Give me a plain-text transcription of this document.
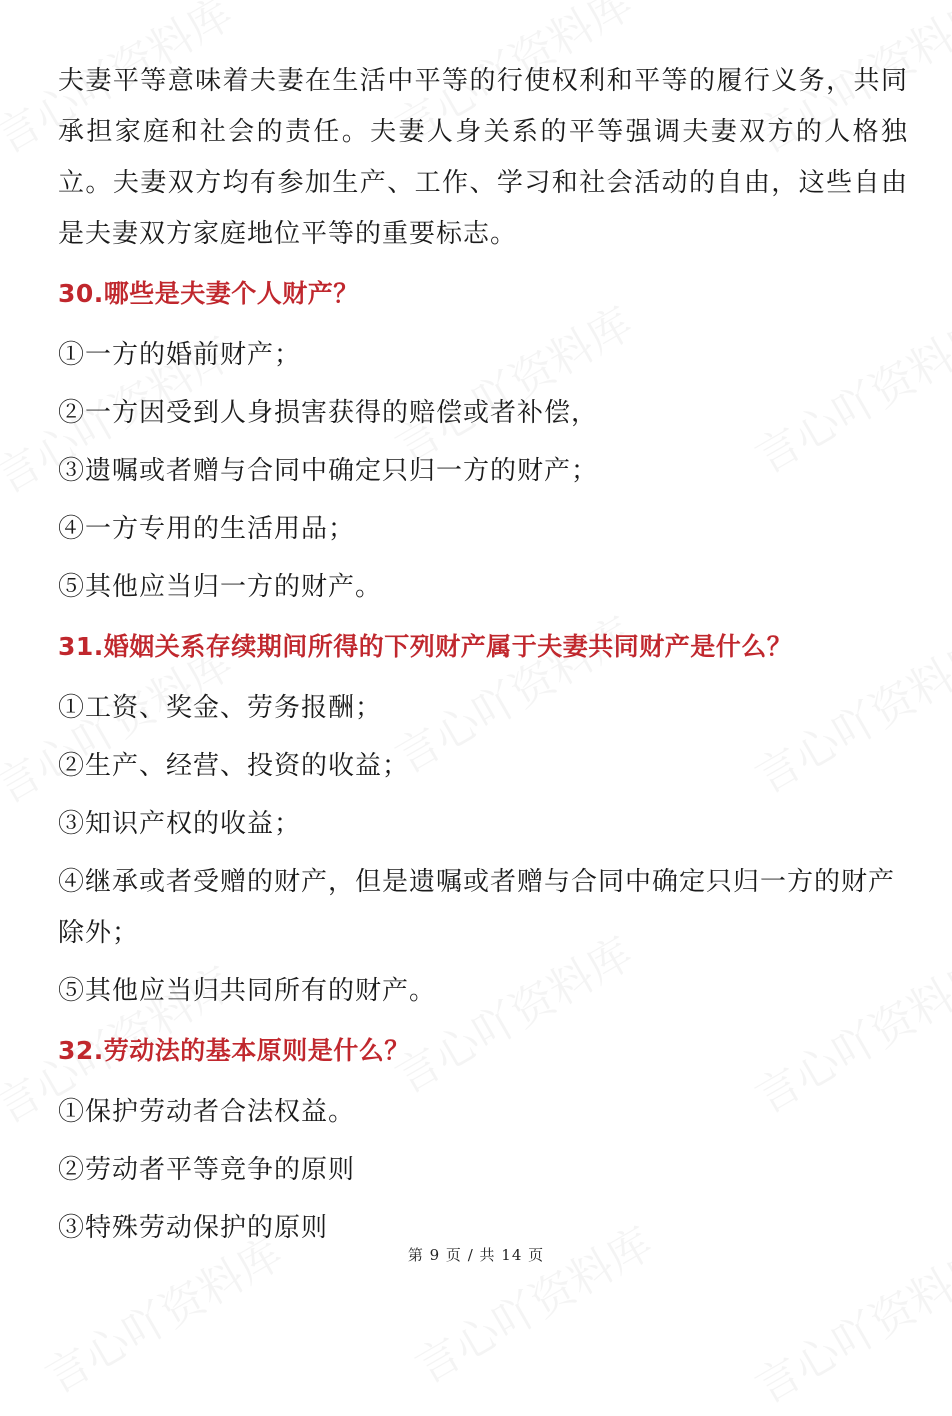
夫妻平等意味着夫妻在生活中平等的行使权利和平等的履行义务，共同承担家庭和社会的责任。夫妻人身关系的平等强调夫妻双方的人格独立。夫妻双方均有参加生产、工作、学习和社会活动的自由，这些自由是夫妻双方家庭地位平等的重要标志。

30.哪些是夫妻个人财产？

①一方的婚前财产；

②一方因受到人身损害获得的赔偿或者补偿，

③遗嘱或者赠与合同中确定只归一方的财产；

④一方专用的生活用品；

⑤其他应当归一方的财产。

31.婚姻关系存续期间所得的下列财产属于夫妻共同财产是什么？

①工资、奖金、劳务报酬；

②生产、经营、投资的收益；

③知识产权的收益；

④继承或者受赠的财产，但是遗嘱或者赠与合同中确定只归一方的财产除外；

⑤其他应当归共同所有的财产。

32.劳动法的基本原则是什么？

①保护劳动者合法权益。

②劳动者平等竞争的原则

③特殊劳动保护的原则

第 9 页 / 共 14 页
